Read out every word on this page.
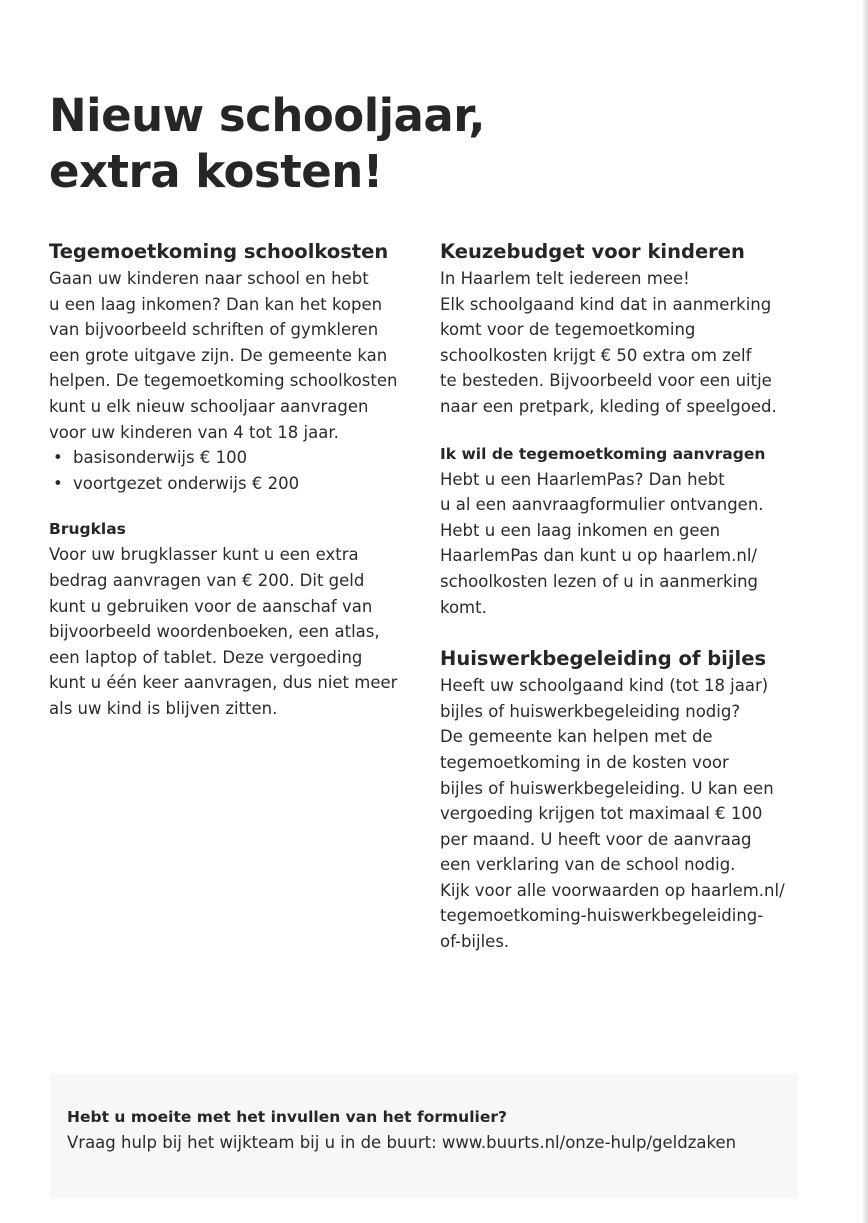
Nieuw schooljaar,
extra kosten!
Tegemoetkoming schoolkosten
Gaan uw kinderen naar school en hebt
u een laag inkomen? Dan kan het kopen
van bijvoorbeeld schriften of gymkleren
een grote uitgave zijn. De gemeente kan
helpen. De tegemoetkoming schoolkosten
kunt u elk nieuw schooljaar aanvragen
voor uw kinderen van 4 tot 18 jaar.
• basisonderwijs € 100
• voortgezet onderwijs € 200
Brugklas
Voor uw brugklasser kunt u een extra
bedrag aanvragen van € 200. Dit geld
kunt u gebruiken voor de aanschaf van
bijvoorbeeld woordenboeken, een atlas,
een laptop of tablet. Deze vergoeding
kunt u één keer aanvragen, dus niet meer
als uw kind is blijven zitten.
Keuzebudget voor kinderen
In Haarlem telt iedereen mee!
Elk schoolgaand kind dat in aanmerking
komt voor de tegemoetkoming
schoolkosten krijgt € 50 extra om zelf
te besteden. Bijvoorbeeld voor een uitje
naar een pretpark, kleding of speelgoed.
Ik wil de tegemoetkoming aanvragen
Hebt u een HaarlemPas? Dan hebt
u al een aanvraagformulier ontvangen.
Hebt u een laag inkomen en geen
HaarlemPas dan kunt u op haarlem.nl/
schoolkosten lezen of u in aanmerking
komt.
Huiswerkbegeleiding of bijles
Heeft uw schoolgaand kind (tot 18 jaar)
bijles of huiswerkbegeleiding nodig?
De gemeente kan helpen met de
tegemoetkoming in de kosten voor
bijles of huiswerkbegeleiding. U kan een
vergoeding krijgen tot maximaal € 100
per maand. U heeft voor de aanvraag
een verklaring van de school nodig.
Kijk voor alle voorwaarden op haarlem.nl/
tegemoetkoming-huiswerkbegeleiding-
of-bijles.
Hebt u moeite met het invullen van het formulier?
Vraag hulp bij het wijkteam bij u in de buurt: www.buurts.nl/onze-hulp/geldzaken
